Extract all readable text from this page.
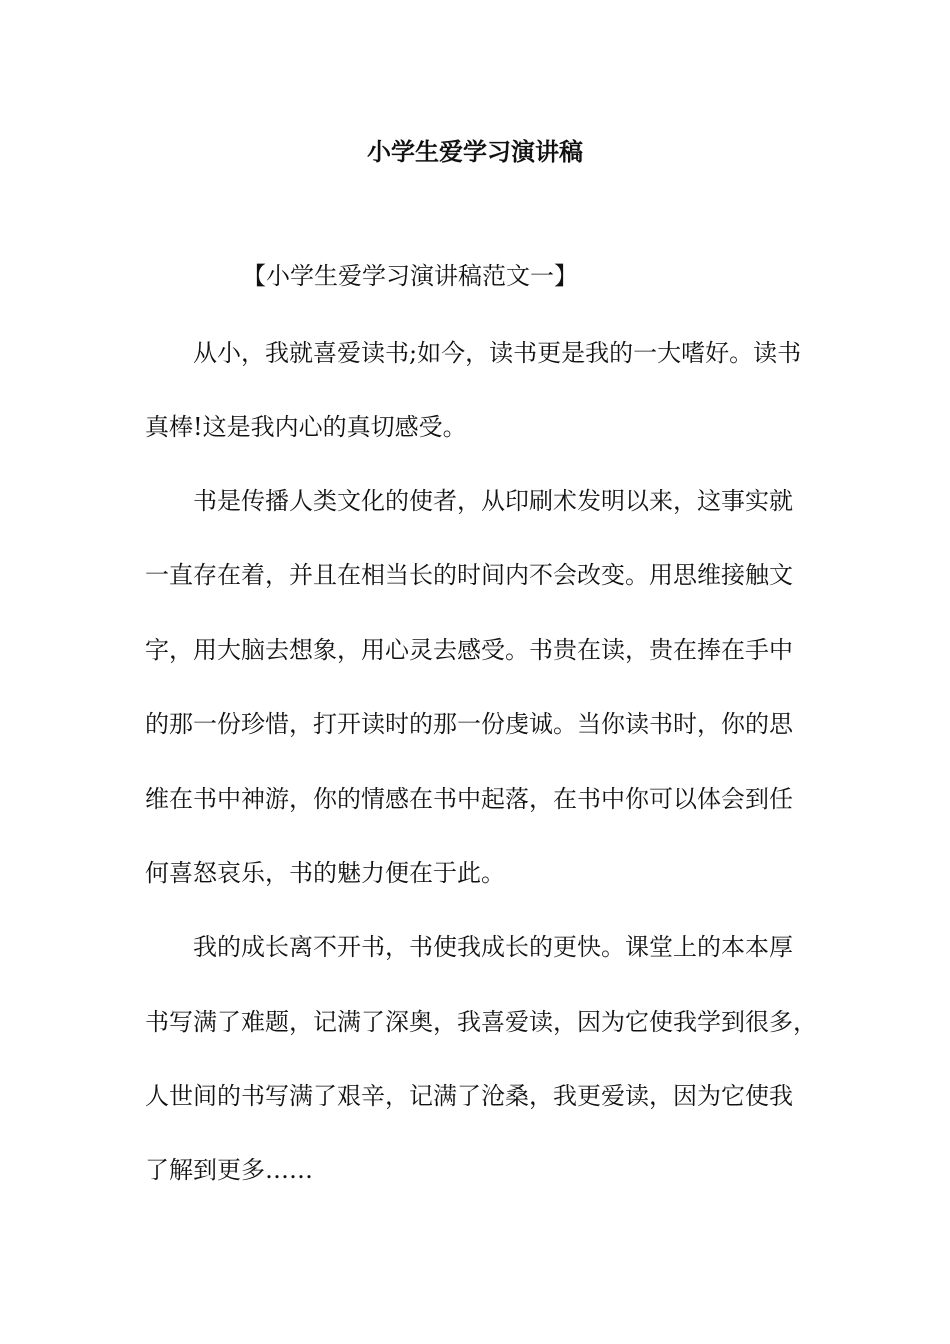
小学生爱学习演讲稿

【小学生爱学习演讲稿范文一】

从小，我就喜爱读书;如今，读书更是我的一大嗜好。读书

真棒!这是我内心的真切感受。

书是传播人类文化的使者，从印刷术发明以来，这事实就

一直存在着，并且在相当长的时间内不会改变。用思维接触文

字，用大脑去想象，用心灵去感受。书贵在读，贵在捧在手中

的那一份珍惜，打开读时的那一份虔诚。当你读书时，你的思

维在书中神游，你的情感在书中起落，在书中你可以体会到任

何喜怒哀乐，书的魅力便在于此。

我的成长离不开书，书使我成长的更快。课堂上的本本厚

书写满了难题，记满了深奥，我喜爱读，因为它使我学到很多，

人世间的书写满了艰辛，记满了沧桑，我更爱读，因为它使我

了解到更多……
